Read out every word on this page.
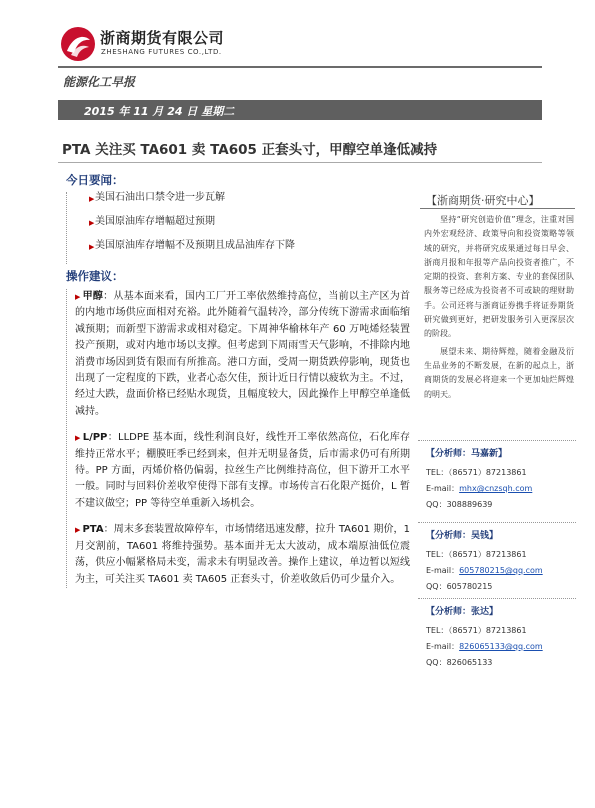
浙商期货有限公司
ZHESHANG FUTURES CO.,LTD.
能源化工早报
2015 年 11 月 24 日 星期二
PTA 关注买 TA601 卖 TA605 正套头寸，甲醇空单逢低减持
今日要闻：
▶ 美国石油出口禁令进一步瓦解
▶ 美国原油库存增幅超过预期
▶ 美国原油库存增幅不及预期且成品油库存下降
操作建议：

▶ 甲醇：从基本面来看，国内工厂开工率依然维持高位，当前以主产区为首的内地市场供应面相对充裕。此外随着气温转冷，部分传统下游需求面临缩减预期；而新型下游需求或相对稳定。下周神华榆林年产 60 万吨烯烃装置投产预期，或对内地市场以支撑。但考虑到下周雨雪天气影响，不排除内地消费市场因到货有限而有所推高。港口方面，受周一期货跌停影响，现货也出现了一定程度的下跌，业者心态欠佳，预计近日行情以疲软为主。不过，经过大跌，盘面价格已经贴水现货，且幅度较大，因此操作上甲醇空单逢低减持。

▶ L/PP：LLDPE 基本面，线性利润良好，线性开工率依然高位，石化库存维持正常水平；棚膜旺季已经到来，但并无明显备货，后市需求仍可有所期待。PP 方面，丙烯价格仍偏弱，拉丝生产比例维持高位，但下游开工水平一般。同时与回料价差收窄使得下部有支撑。市场传言石化限产挺价，L 暂不建议做空；PP 等待空单重新入场机会。

▶ PTA：周末多套装置故障停车，市场情绪迅速发酵，拉升 TA601 期价，1 月交割前，TA601 将维持强势。基本面并无太大波动，成本端原油低位震荡，供应小幅紧格局未变，需求未有明显改善。操作上建议，单边暂以短线为主，可关注买 TA601 卖 TA605 正套头寸，价差收敛后仍可少量介入。

【浙商期货·研究中心】

坚持“研究创造价值”理念，注重对国内外宏观经济、政策导向和投资策略等领域的研究，并将研究成果通过每日早会、浙商月报和年报等产品向投资者推广，不定期的投资、套利方案、专业的套保团队服务等已经成为投资者不可或缺的理财助手。公司还将与浙商证券携手将证券期货研究做到更好，把研发服务引入更深层次的阶段。

展望未来、期待辉煌，随着金融及衍生品业务的不断发展，在新的起点上，浙商期货的发展必将迎来一个更加灿烂辉煌的明天。

【分析师：马嘉新】
TEL：（86571）87213861
E-mail：mhx@cnzsqh.com
QQ：308889639
【分析师：吴钱】
TEL：（86571）87213861
E-mail：605780215@qq.com
QQ：605780215
【分析师：张达】
TEL：（86571）87213861
E-mail：826065133@qq.com
QQ：826065133
